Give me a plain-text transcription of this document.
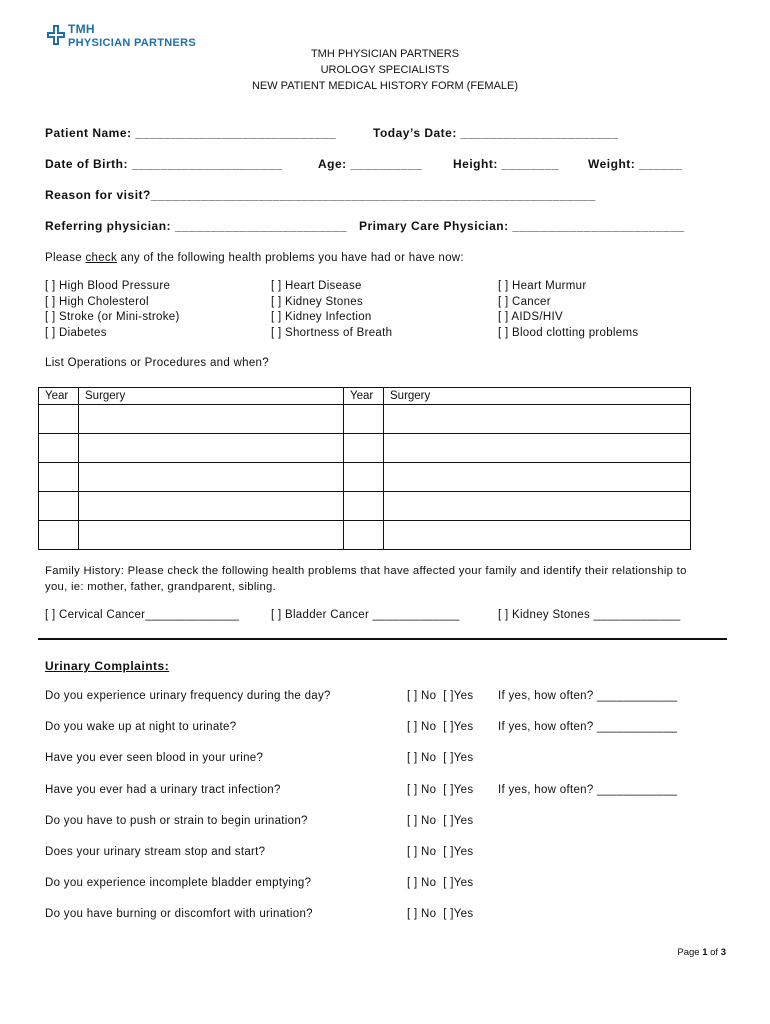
TMH
PHYSICIAN PARTNERS
TMH PHYSICIAN PARTNERS
UROLOGY SPECIALISTS
NEW PATIENT MEDICAL HISTORY FORM (FEMALE)
Patient Name: ____________________________	Today’s Date: ______________________
Date of Birth: _____________________	Age: __________	Height: ________ Weight: ______
Reason for visit?______________________________________________________________
Referring physician: ________________________ Primary Care Physician: ________________________
Please check any of the following health problems you have had or have now:
[ ] High Blood Pressure
[ ] High Cholesterol
[ ] Stroke (or Mini-stroke)
[ ] Diabetes
[ ] Heart Disease
[ ] Kidney Stones
[ ] Kidney Infection
[ ] Shortness of Breath
[ ] Heart Murmur
[ ] Cancer
[ ] AIDS/HIV
[ ] Blood clotting problems
List Operations or Procedures and when?
Year	Surgery	Year	Surgery

Family History: Please check the following health problems that have affected your family and identify their relationship to
you, ie: mother, father, grandparent, sibling.
[ ] Cervical Cancer______________	[ ] Bladder Cancer _____________	[ ] Kidney Stones _____________
Urinary Complaints:
Do you experience urinary frequency during the day?	[ ] No  [ ]Yes If yes, how often? ____________
Do you wake up at night to urinate?	[ ] No  [ ]Yes If yes, how often? ____________
Have you ever seen blood in your urine?	[ ] No  [ ]Yes
Have you ever had a urinary tract infection?	[ ] No  [ ]Yes If yes, how often? ____________
Do you have to push or strain to begin urination?	[ ] No  [ ]Yes
Does your urinary stream stop and start?	[ ] No  [ ]Yes
Do you experience incomplete bladder emptying?	[ ] No  [ ]Yes
Do you have burning or discomfort with urination?	[ ] No  [ ]Yes
Page 1 of 3
